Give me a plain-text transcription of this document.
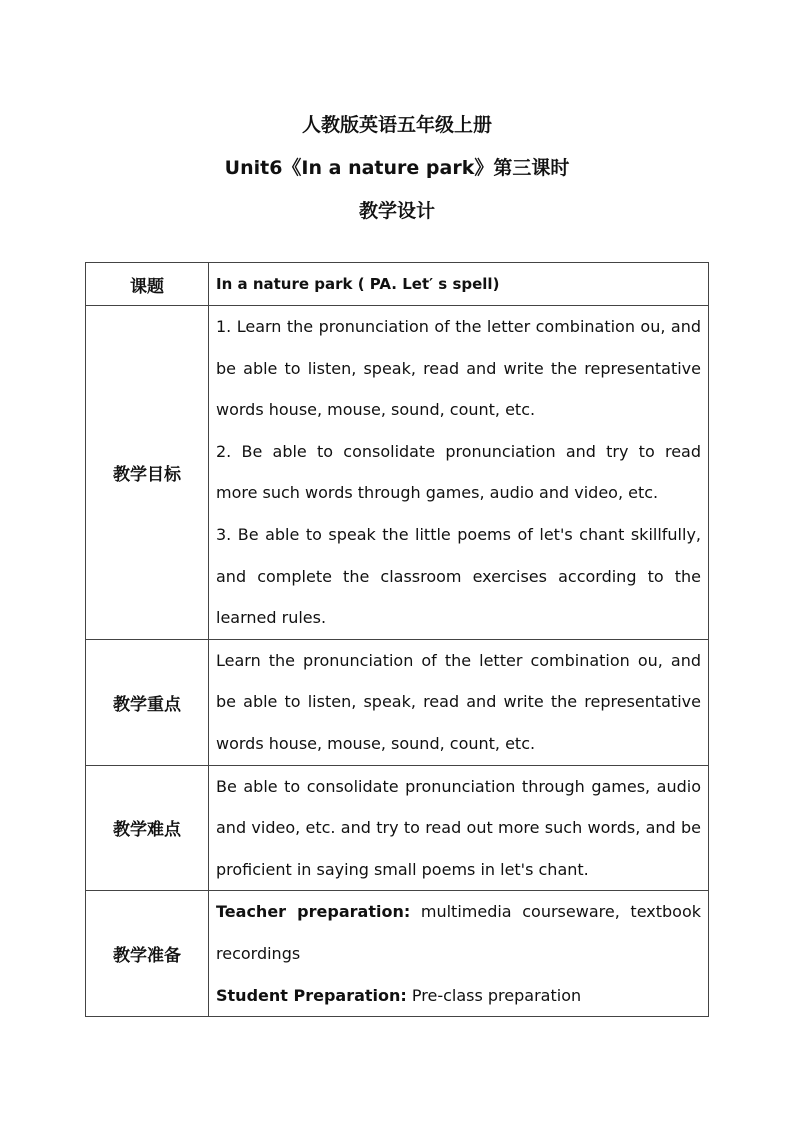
人教版英语五年级上册
Unit6《In a nature park》第三课时
教学设计
课题	In a nature park ( PA. Let′ s spell)
教学目标	1. Learn the pronunciation of the letter combination ou, and be able to listen, speak, read and write the representative words house, mouse, sound, count, etc.
2. Be able to consolidate pronunciation and try to read more such words through games, audio and video, etc.
3. Be able to speak the little poems of let's chant skillfully, and complete the classroom exercises according to the learned rules.

教学重点	Learn the pronunciation of the letter combination ou, and be able to listen, speak, read and write the representative words house, mouse, sound, count, etc.
教学难点	Be able to consolidate pronunciation through games, audio and video, etc. and try to read out more such words, and be proficient in saying small poems in let's chant.
教学准备	Teacher preparation: multimedia courseware, textbook recordings
Student Preparation: Pre-class preparation
